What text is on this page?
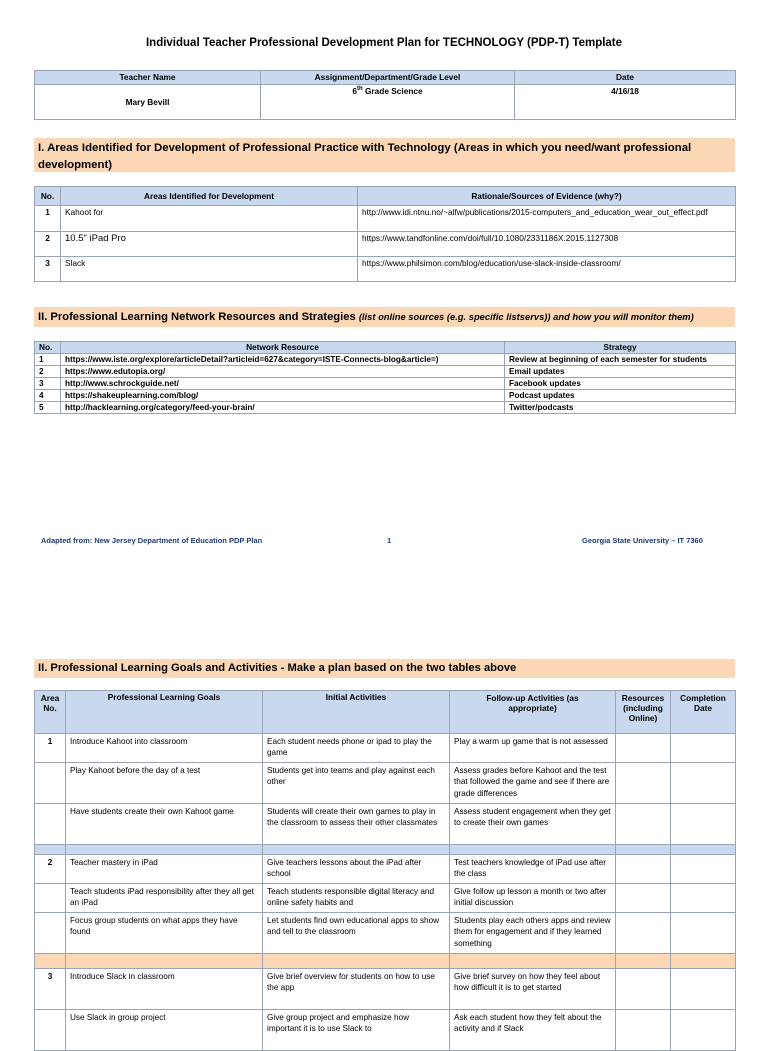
Individual Teacher Professional Development Plan for TECHNOLOGY (PDP-T) Template
Teacher Name	Assignment/Department/Grade Level	Date
Mary Bevill	6th Grade Science	4/16/18
I. Areas Identified for Development of Professional Practice with Technology (Areas in which you need/want professional development)
No.	Areas Identified for Development	Rationale/Sources of Evidence (why?)
1	Kahoot for	http://www.idi.ntnu.no/~alfw/publications/2015-computers_and_education_wear_out_effect.pdf
2	10.5" iPad Pro	https://www.tandfonline.com/doi/full/10.1080/2331186X.2015.1127308
3	Slack	https://www.philsimon.com/blog/education/use-slack-inside-classroom/
II. Professional Learning Network Resources and Strategies (list online sources (e.g. specific listservs)) and how you will monitor them)
No.	Network Resource	Strategy
1	https://www.iste.org/explore/articleDetail?articleid=627&category=ISTE-Connects-blog&article=)	Review at beginning of each semester for students
2	https://www.edutopia.org/	Email updates
3	http://www.schrockguide.net/	Facebook updates
4	https://shakeuplearning.com/blog/	Podcast updates
5	http://hacklearning.org/category/feed-your-brain/	Twitter/podcasts
Adapted from: New Jersey Department of Education PDP Plan	1	Georgia State University – IT 7360
II. Professional Learning Goals and Activities - Make a plan based on the two tables above
Area No.	Professional Learning Goals	Initial Activities	Follow-up Activities (as appropriate)	Resources (including Online)	Completion Date
1	Introduce Kahoot into classroom	Each student needs phone or ipad to play the game	Play a warm up game that is not assessed		
	Play Kahoot before the day of a test	Students get into teams and play against each other	Assess grades before Kahoot and the test that followed the game and see if there are grade differences		
	Have students create their own Kahoot game	Students will create their own games to play in the classroom to assess their other classmates	Assess student engagement when they get to create their own games		

2	Teacher mastery in iPad	Give teachers lessons about the iPad after school	Test teachers knowledge of iPad use after the class		
	Teach students iPad responsibility after they all get an iPad	Teach students responsible digital literacy and online safety habits and	Give follow up lesson a month or two after initial discussion		
	Focus group students on what apps they have found	Let students find own educational apps to show and tell to the classroom	Students play each others apps and review them for engagement and if they learned something		

3	Introduce Slack in classroom	Give brief overview for students on how to use the app	Give brief survey on how they feel about how difficult it is to get started		
	Use Slack in group project	Give group project and emphasize how important it is to use Slack to	Ask each student how they felt about the activity and if Slack		
